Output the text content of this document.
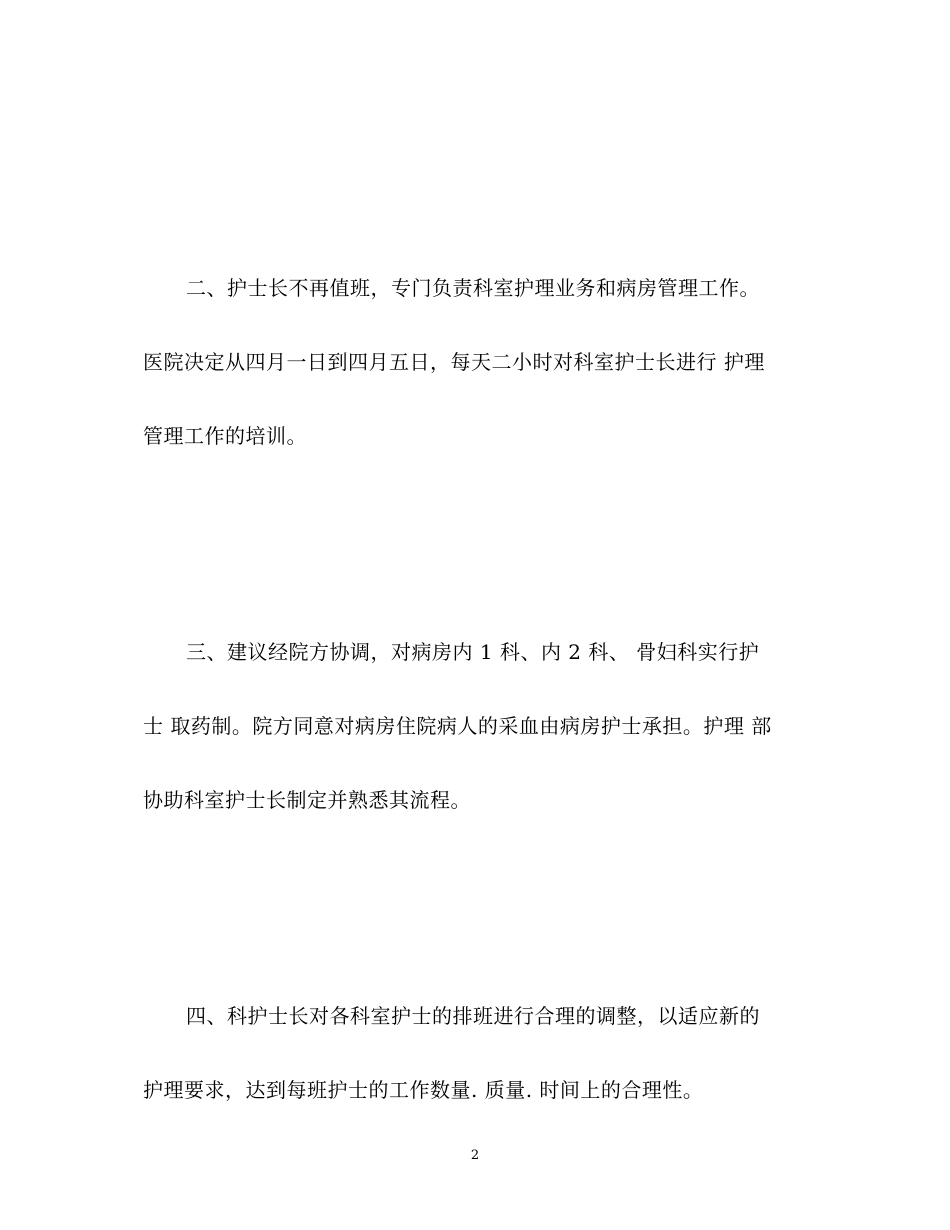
二、护士长不再值班，专门负责科室护理业务和病房管理工作。
医院决定从四月一日到四月五日，每天二小时对科室护士长进行 护理
管理工作的培训。
三、建议经院方协调，对病房内 1 科、内 2 科、 骨妇科实行护
士 取药制。院方同意对病房住院病人的采血由病房护士承担。护理 部
协助科室护士长制定并熟悉其流程。
四、科护士长对各科室护士的排班进行合理的调整，以适应新的
护理要求，达到每班护士的工作数量. 质量. 时间上的合理性。
2
